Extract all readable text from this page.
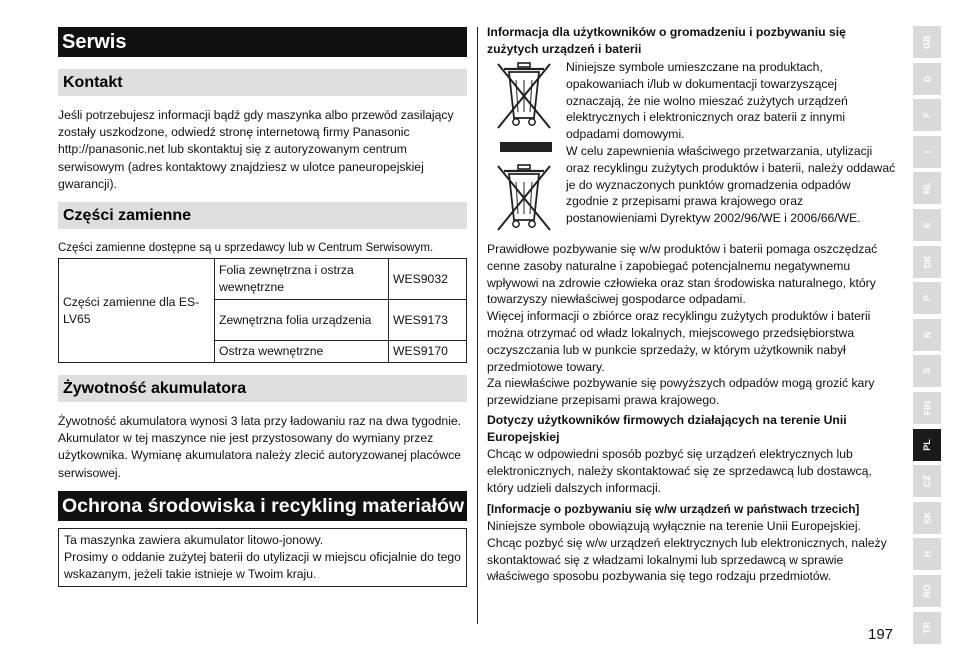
Serwis
Kontakt
Jeśli potrzebujesz informacji bądź gdy maszynka albo przewód zasilający zostały uszkodzone, odwiedź stronę internetową firmy Panasonic http://panasonic.net lub skontaktuj się z autoryzowanym centrum serwisowym (adres kontaktowy znajdziesz w ulotce paneuropejskiej gwarancji).
Części zamienne
Części zamienne dostępne są u sprzedawcy lub w Centrum Serwisowym.
Części zamienne dla ES-LV65	Folia zewnętrzna i ostrza wewnętrzne	WES9032
	Zewnętrzna folia urządzenia	WES9173
	Ostrza wewnętrzne	WES9170
Żywotność akumulatora
Żywotność akumulatora wynosi 3 lata przy ładowaniu raz na dwa tygodnie. Akumulator w tej maszynce nie jest przystosowany do wymiany przez użytkownika. Wymianę akumulatora należy zlecić autoryzowanej placówce serwisowej.
Ochrona środowiska i recykling materiałów
Ta maszynka zawiera akumulator litowo-jonowy.
Prosimy o oddanie zużytej baterii do utylizacji w miejscu oficjalnie do tego wskazanym, jeżeli takie istnieje w Twoim kraju.
Informacja dla użytkowników o gromadzeniu i pozbywaniu się zużytych urządzeń i baterii
Niniejsze symbole umieszczane na produktach, opakowaniach i/lub w dokumentacji towarzyszącej oznaczają, że nie wolno mieszać zużytych urządzeń elektrycznych i elektronicznych oraz baterii z innymi odpadami domowymi.
W celu zapewnienia właściwego przetwarzania, utylizacji oraz recyklingu zużytych produktów i baterii, należy oddawać je do wyznaczonych punktów gromadzenia odpadów zgodnie z przepisami prawa krajowego oraz postanowieniami Dyrektyw 2002/96/WE i 2006/66/WE.
Prawidłowe pozbywanie się w/w produktów i baterii pomaga oszczędzać cenne zasoby naturalne i zapobiegać potencjalnemu negatywnemu wpływowi na zdrowie człowieka oraz stan środowiska naturalnego, który towarzyszy niewłaściwej gospodarce odpadami.
Więcej informacji o zbiórce oraz recyklingu zużytych produktów i baterii można otrzymać od władz lokalnych, miejscowego przedsiębiorstwa oczyszczania lub w punkcie sprzedaży, w którym użytkownik nabył przedmiotowe towary.
Za niewłaściwe pozbywanie się powyższych odpadów mogą grozić kary przewidziane przepisami prawa krajowego.
Dotyczy użytkowników firmowych działających na terenie Unii Europejskiej
Chcąc w odpowiedni sposób pozbyć się urządzeń elektrycznych lub elektronicznych, należy skontaktować się ze sprzedawcą lub dostawcą, który udzieli dalszych informacji.
[Informacje o pozbywaniu się w/w urządzeń w państwach trzecich]
Niniejsze symbole obowiązują wyłącznie na terenie Unii Europejskiej. Chcąc pozbyć się w/w urządzeń elektrycznych lub elektronicznych, należy skontaktować się z władzami lokalnymi lub sprzedawcą w sprawie właściwego sposobu pozbywania się tego rodzaju przedmiotów.
197
GB
D
F
I
NL
E
DK
P
N
S
FIN
PL
CZ
SK
H
RO
TR
